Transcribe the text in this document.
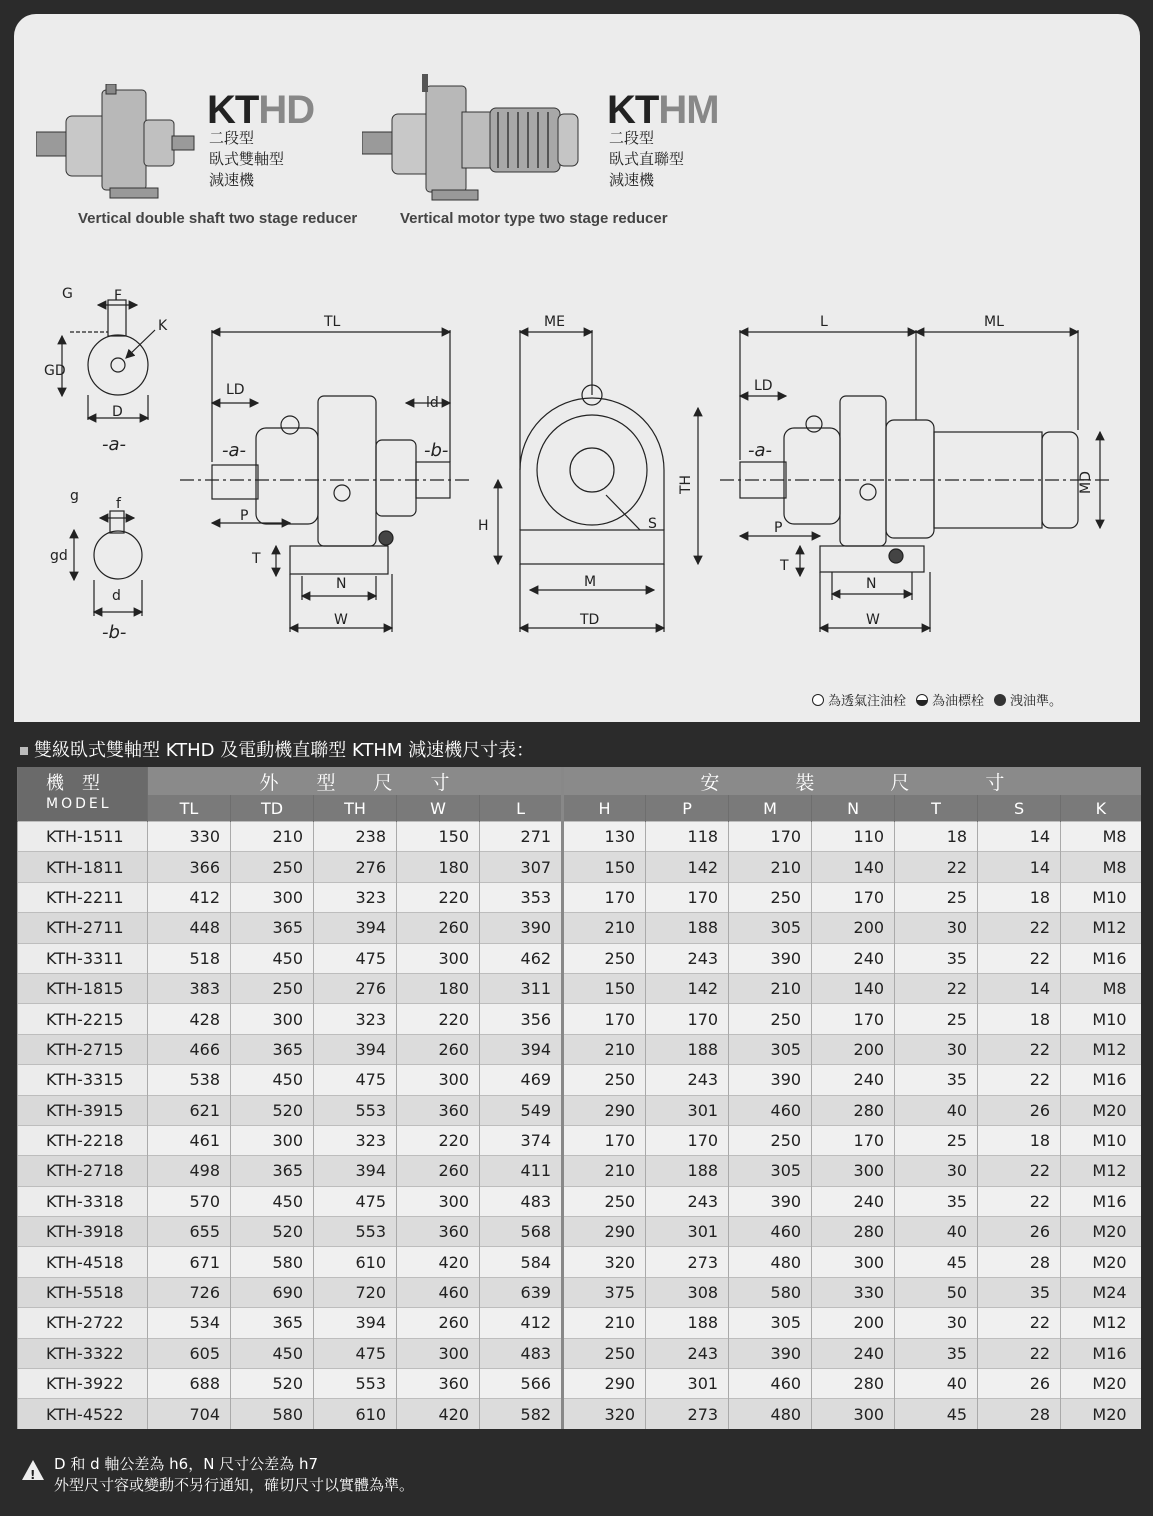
KTHD
二段型
臥式雙軸型
減速機
Vertical double shaft two stage reducer
KTHM
二段型
臥式直聯型
減速機
Vertical motor type two stage reducer
G	F
K
GD
D
-a-
g	f
gd
d
-b-
TL
LD
ld
-a-	-b-
P
T
N
W
ME
H
TH
S
M
TD
L	ML
LD
-a-
P
T
N
W
MD
為透氣注油栓 為油標栓 洩油準。
雙級臥式雙軸型 KTHD 及電動機直聯型 KTHM 減速機尺寸表：
機　型
MODEL	外　　型　　尺　　寸					安　　　　裝　　　　尺　　　　寸						
	TL	TD	TH	W	L	H	P	M	N	T	S	K
KTH-1511	330	210	238	150	271	130	118	170	110	18	14	M8
KTH-1811	366	250	276	180	307	150	142	210	140	22	14	M8
KTH-2211	412	300	323	220	353	170	170	250	170	25	18	M10
KTH-2711	448	365	394	260	390	210	188	305	200	30	22	M12
KTH-3311	518	450	475	300	462	250	243	390	240	35	22	M16
KTH-1815	383	250	276	180	311	150	142	210	140	22	14	M8
KTH-2215	428	300	323	220	356	170	170	250	170	25	18	M10
KTH-2715	466	365	394	260	394	210	188	305	200	30	22	M12
KTH-3315	538	450	475	300	469	250	243	390	240	35	22	M16
KTH-3915	621	520	553	360	549	290	301	460	280	40	26	M20
KTH-2218	461	300	323	220	374	170	170	250	170	25	18	M10
KTH-2718	498	365	394	260	411	210	188	305	300	30	22	M12
KTH-3318	570	450	475	300	483	250	243	390	240	35	22	M16
KTH-3918	655	520	553	360	568	290	301	460	280	40	26	M20
KTH-4518	671	580	610	420	584	320	273	480	300	45	28	M20
KTH-5518	726	690	720	460	639	375	308	580	330	50	35	M24
KTH-2722	534	365	394	260	412	210	188	305	200	30	22	M12
KTH-3322	605	450	475	300	483	250	243	390	240	35	22	M16
KTH-3922	688	520	553	360	566	290	301	460	280	40	26	M20
KTH-4522	704	580	610	420	582	320	273	480	300	45	28	M20
!
D 和 d 軸公差為 h6，N 尺寸公差為 h7
外型尺寸容或變動不另行通知，確切尺寸以實體為準。
